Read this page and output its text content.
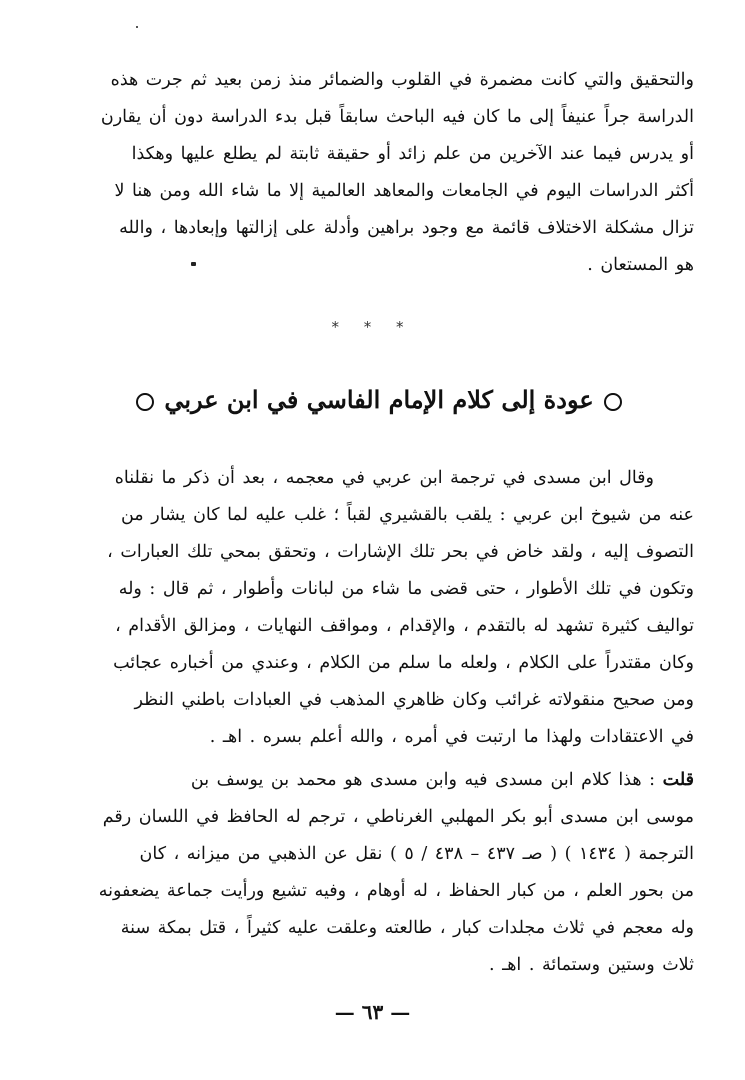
والتحقيق والتي كانت مضمرة في القلوب والضمائر منذ زمن بعيد ثم جرت هذه
الدراسة جراً عنيفاً إلى ما كان فيه الباحث سابقاً قبل بدء الدراسة دون أن يقارن
أو يدرس فيما عند الآخرين من علم زائد أو حقيقة ثابتة لم يطلع عليها وهكذا
أكثر الدراسات اليوم في الجامعات والمعاهد العالمية إلا ما شاء الله ومن هنا لا
تزال مشكلة الاختلاف قائمة مع وجود براهين وأدلة على إزالتها وإبعادها ، والله
هو المستعان .
* * *
عودة إلى كلام الإمام الفاسي في ابن عربي
وقال ابن مسدى في ترجمة ابن عربي في معجمه ، بعد أن ذكر ما نقلناه
عنه من شيوخ ابن عربي : يلقب بالقشيري لقباً ؛ غلب عليه لما كان يشار من
التصوف إليه ، ولقد خاض في بحر تلك الإشارات ، وتحقق بمحي تلك العبارات ،
وتكون في تلك الأطوار ، حتى قضى ما شاء من لبانات وأطوار ، ثم قال : وله
تواليف كثيرة تشهد له بالتقدم ، والإقدام ، ومواقف النهايات ، ومزالق الأقدام ،
وكان مقتدراً على الكلام ، ولعله ما سلم من الكلام ، وعندي من أخباره عجائب
ومن صحيح منقولاته غرائب وكان ظاهري المذهب في العبادات باطني النظر
في الاعتقادات ولهذا ما ارتبت في أمره ، والله أعلم بسره . اهـ .
قلت : هذا كلام ابن مسدى فيه وابن مسدى هو محمد بن يوسف بن
موسى ابن مسدى أبو بكر المهلبي الغرناطي ، ترجم له الحافظ في اللسان رقم
الترجمة ( ١٤٣٤ ) ( صـ ٤٣٧ – ٤٣٨ / ٥ ) نقل عن الذهبي من ميزانه ، كان
من بحور العلم ، من كبار الحفاظ ، له أوهام ، وفيه تشيع ورأيت جماعة يضعفونه
وله معجم في ثلاث مجلدات كبار ، طالعته وعلقت عليه كثيراً ، قتل بمكة سنة
ثلاث وستين وستمائة . اهـ .
— ٦٣ —
